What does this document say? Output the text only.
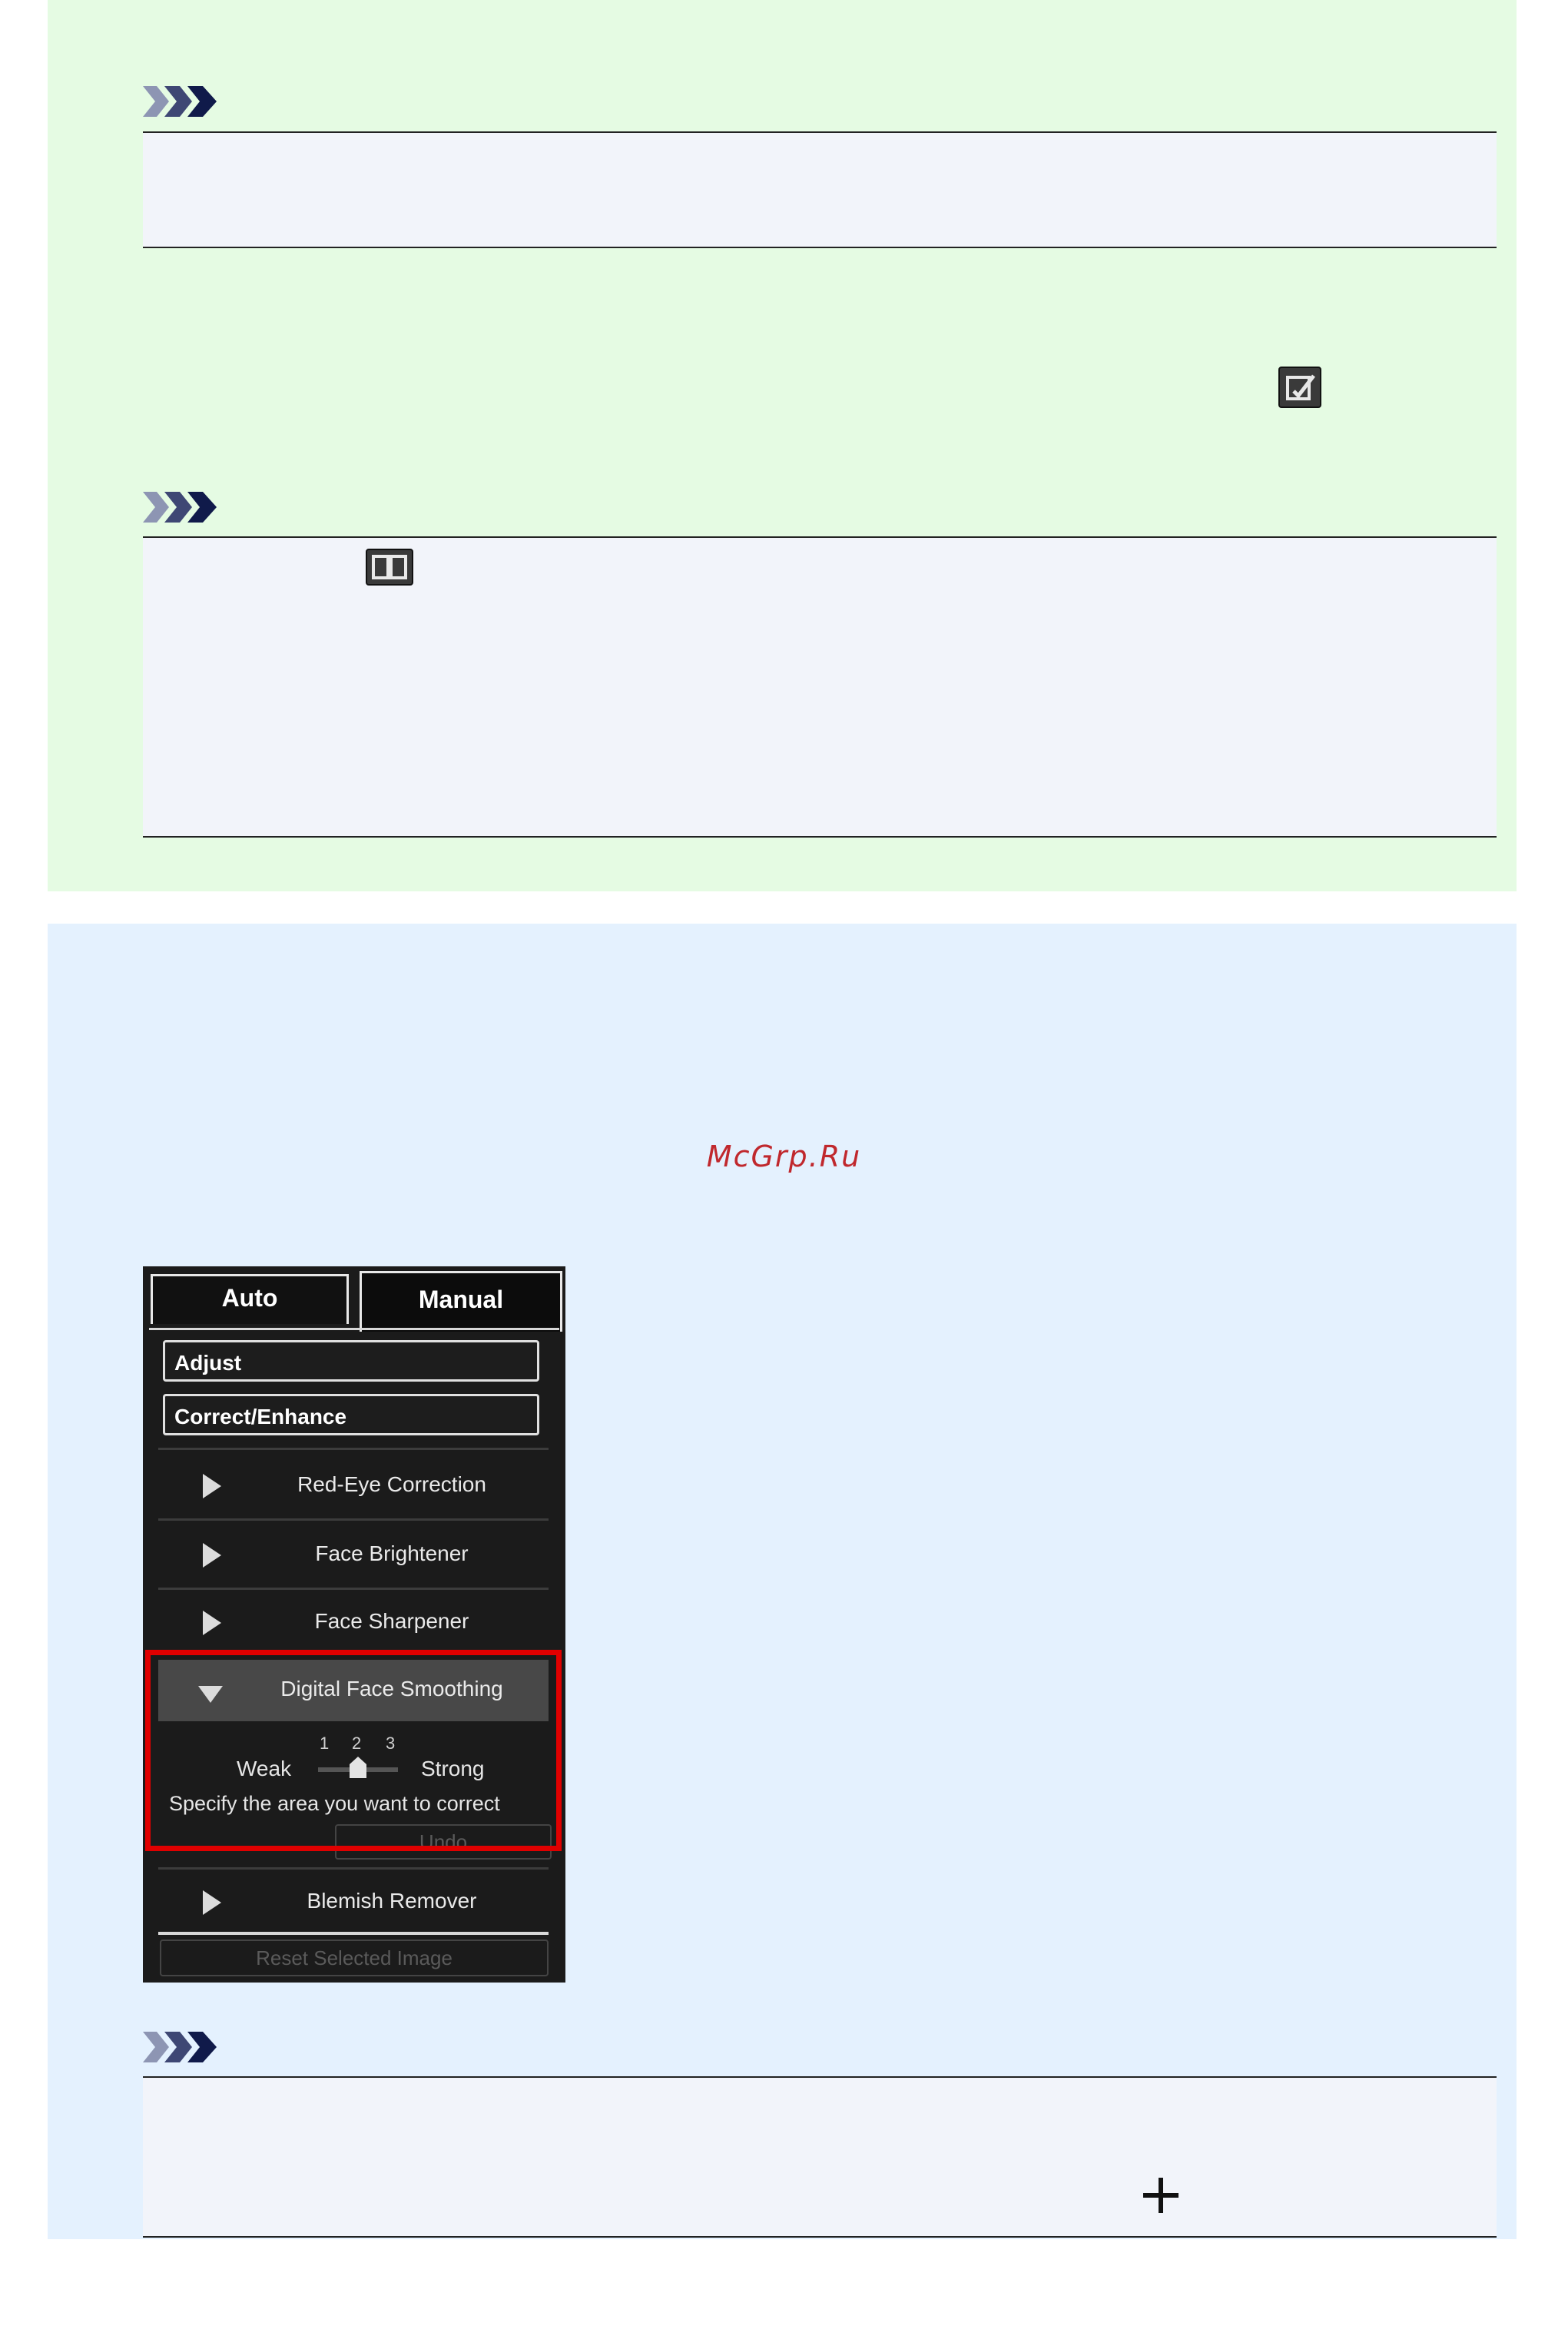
McGrp.Ru
Auto	Manual
Adjust
Correct/Enhance
Red-Eye Correction
Face Brightener
Face Sharpener
Digital Face Smoothing
1 2 3
Weak	Strong
Specify the area you want to correct
Undo
Blemish Remover
Reset Selected Image
